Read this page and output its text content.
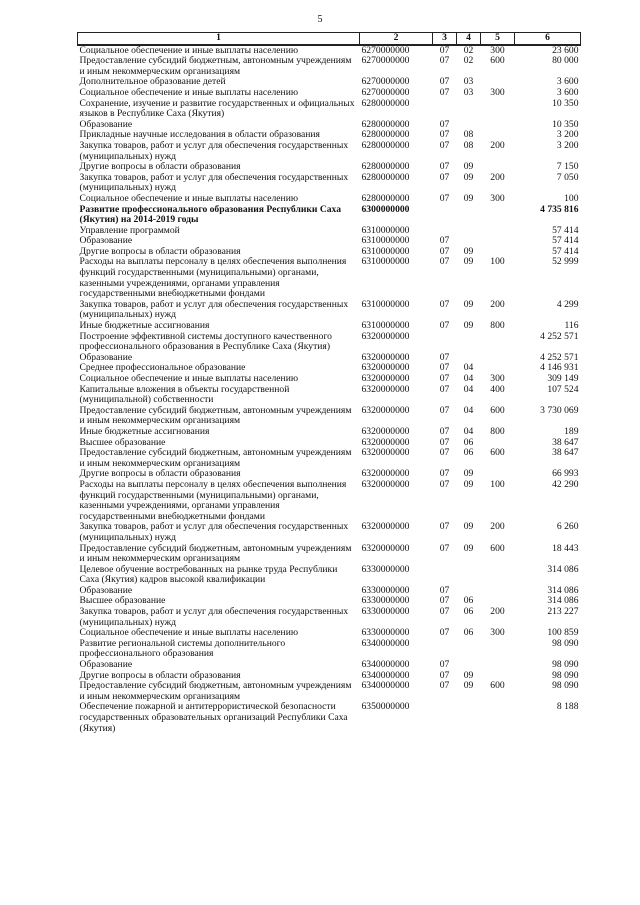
5
1	2	3	4	5	6
Социальное обеспечение и иные выплаты населению	6270000000	07	02	300	23 600
Предоставление субсидий бюджетным, автономным учреждениям и иным некоммерческим организациям	6270000000	07	02	600	80 000
Дополнительное образование детей	6270000000	07	03		3 600
Социальное обеспечение и иные выплаты населению	6270000000	07	03	300	3 600
Сохранение, изучение и развитие государственных и официальных языков в Республике Саха (Якутия)	6280000000				10 350
Образование	6280000000	07			10 350
Прикладные научные исследования в области образования	6280000000	07	08		3 200
Закупка товаров, работ и услуг для обеспечения государственных (муниципальных) нужд	6280000000	07	08	200	3 200
Другие вопросы в области образования	6280000000	07	09		7 150
Закупка товаров, работ и услуг для обеспечения государственных (муниципальных) нужд	6280000000	07	09	200	7 050
Социальное обеспечение и иные выплаты населению	6280000000	07	09	300	100
Развитие профессионального образования Республики Саха (Якутия) на 2014-2019 годы	6300000000				4 735 816
Управление программой	6310000000				57 414
Образование	6310000000	07			57 414
Другие вопросы в области образования	6310000000	07	09		57 414
Расходы на выплаты персоналу в целях обеспечения выполнения функций государственными (муниципальными) органами, казенными учреждениями, органами управления государственными внебюджетными фондами	6310000000	07	09	100	52 999
Закупка товаров, работ и услуг для обеспечения государственных (муниципальных) нужд	6310000000	07	09	200	4 299
Иные бюджетные ассигнования	6310000000	07	09	800	116
Построение эффективной системы доступного качественного профессионального образования в Республике Саха (Якутия)	6320000000				4 252 571
Образование	6320000000	07			4 252 571
Среднее профессиональное образование	6320000000	07	04		4 146 931
Социальное обеспечение и иные выплаты населению	6320000000	07	04	300	309 149
Капитальные вложения в объекты государственной (муниципальной) собственности	6320000000	07	04	400	107 524
Предоставление субсидий бюджетным, автономным учреждениям и иным некоммерческим организациям	6320000000	07	04	600	3 730 069
Иные бюджетные ассигнования	6320000000	07	04	800	189
Высшее образование	6320000000	07	06		38 647
Предоставление субсидий бюджетным, автономным учреждениям и иным некоммерческим организациям	6320000000	07	06	600	38 647
Другие вопросы в области образования	6320000000	07	09		66 993
Расходы на выплаты персоналу в целях обеспечения выполнения функций государственными (муниципальными) органами, казенными учреждениями, органами управления государственными внебюджетными фондами	6320000000	07	09	100	42 290
Закупка товаров, работ и услуг для обеспечения государственных (муниципальных) нужд	6320000000	07	09	200	6 260
Предоставление субсидий бюджетным, автономным учреждениям и иным некоммерческим организациям	6320000000	07	09	600	18 443
Целевое обучение востребованных на рынке труда Республики Саха (Якутия) кадров высокой квалификации	6330000000				314 086
Образование	6330000000	07			314 086
Высшее образование	6330000000	07	06		314 086
Закупка товаров, работ и услуг для обеспечения государственных (муниципальных) нужд	6330000000	07	06	200	213 227
Социальное обеспечение и иные выплаты населению	6330000000	07	06	300	100 859
Развитие региональной системы дополнительного профессионального образования	6340000000				98 090
Образование	6340000000	07			98 090
Другие вопросы в области образования	6340000000	07	09		98 090
Предоставление субсидий бюджетным, автономным учреждениям и иным некоммерческим организациям	6340000000	07	09	600	98 090
Обеспечение пожарной и антитеррористической безопасности государственных образовательных организаций Республики Саха (Якутия)	6350000000				8 188
